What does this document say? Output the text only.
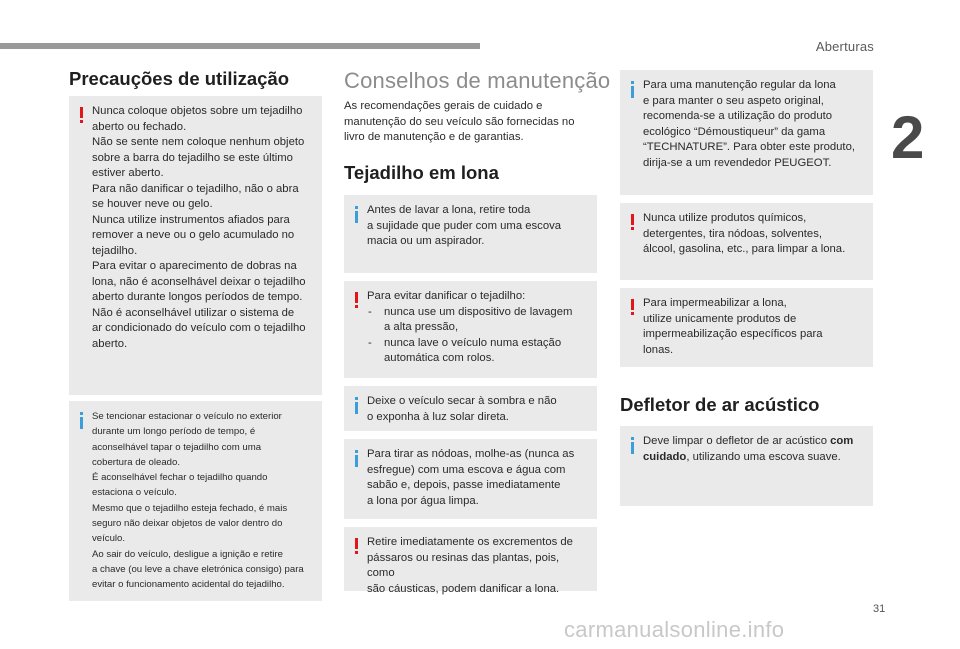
Aberturas
2
Precauções de utilização

Nunca coloque objetos sobre um tejadilho
aberto ou fechado.
Não se sente nem coloque nenhum objeto
sobre a barra do tejadilho se este último
estiver aberto.
Para não danificar o tejadilho, não o abra
se houver neve ou gelo.
Nunca utilize instrumentos afiados para
remover a neve ou o gelo acumulado no
tejadilho.
Para evitar o aparecimento de dobras na
lona, não é aconselhável deixar o tejadilho
aberto durante longos períodos de tempo.
Não é aconselhável utilizar o sistema de
ar condicionado do veículo com o tejadilho
aberto.

Se tencionar estacionar o veículo no exterior
durante um longo período de tempo, é
aconselhável tapar o tejadilho com uma
cobertura de oleado.
É aconselhável fechar o tejadilho quando
estaciona o veículo.
Mesmo que o tejadilho esteja fechado, é mais
seguro não deixar objetos de valor dentro do
veículo.
Ao sair do veículo, desligue a ignição e retire
a chave (ou leve a chave eletrónica consigo) para
evitar o funcionamento acidental do tejadilho.

Conselhos de manutenção

As recomendações gerais de cuidado e
manutenção do seu veículo são fornecidas no
livro de manutenção e de garantias.

Tejadilho em lona

Antes de lavar a lona, retire toda
a sujidade que puder com uma escova
macia ou um aspirador.

Para evitar danificar o tejadilho:

- nunca use um dispositivo de lavagem
a alta pressão,
- nunca lave o veículo numa estação
automática com rolos.

Deixe o veículo secar à sombra e não
o exponha à luz solar direta.

Para tirar as nódoas, molhe-as (nunca as
esfregue) com uma escova e água com
sabão e, depois, passe imediatamente
a lona por água limpa.

Retire imediatamente os excrementos de
pássaros ou resinas das plantas, pois, como
são cáusticas, podem danificar a lona.

Para uma manutenção regular da lona
e para manter o seu aspeto original,
recomenda-se a utilização do produto
ecológico “Démoustiqueur” da gama
“TECHNATURE”. Para obter este produto,
dirija-se a um revendedor PEUGEOT.

Nunca utilize produtos químicos,
detergentes, tira nódoas, solventes,
álcool, gasolina, etc., para limpar a lona.

Para impermeabilizar a lona,
utilize unicamente produtos de
impermeabilização específicos para
lonas.

Defletor de ar acústico

Deve limpar o defletor de ar acústico com
cuidado, utilizando uma escova suave.

31
carmanualsonline.info
